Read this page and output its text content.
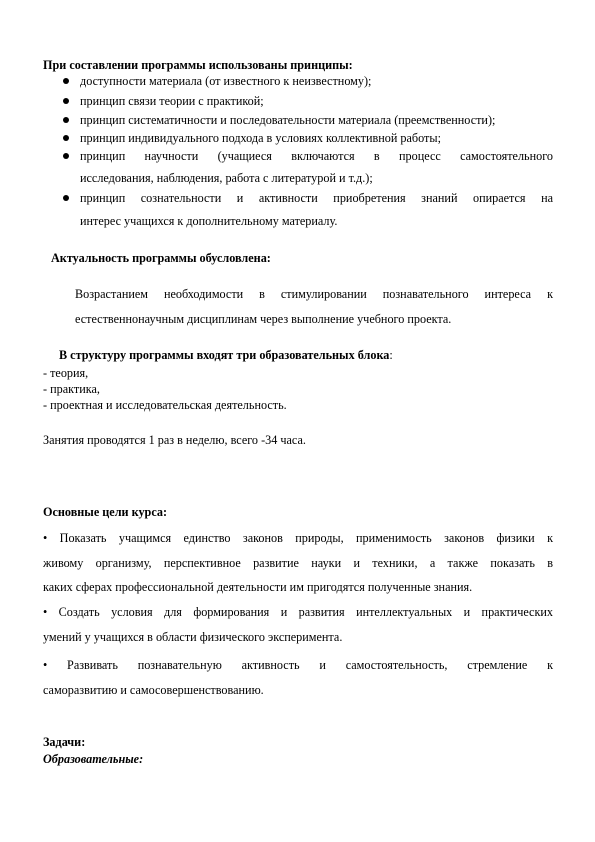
При составлении программы использованы принципы:
доступности материала (от известного к неизвестному);
принцип связи теории с практикой;
принцип систематичности и последовательности материала (преемственности);
принцип индивидуального подхода в условиях коллективной работы;
принцип научности (учащиеся включаются в процесс самостоятельного
исследования, наблюдения, работа с литературой и т.д.);
принцип сознательности и активности приобретения знаний опирается на
интерес учащихся к дополнительному материалу.
Актуальность программы обусловлена:
Возрастанием необходимости в стимулировании познавательного интереса к
естественнонаучным дисциплинам через выполнение учебного проекта.
В структуру программы входят три образовательных блока:
- теория,
- практика,
- проектная и исследовательская деятельность.
Занятия проводятся 1 раз в неделю, всего -34 часа.
Основные цели курса:
• Показать учащимся единство законов природы, применимость законов физики к
живому организму, перспективное развитие науки и техники, а также показать в
каких сферах профессиональной деятельности им пригодятся полученные знания.
• Создать условия для формирования и развития интеллектуальных и практических
умений у учащихся в области физического эксперимента.
• Развивать познавательную активность и самостоятельность, стремление к
саморазвитию и самосовершенствованию.
Задачи:
Образовательные:
